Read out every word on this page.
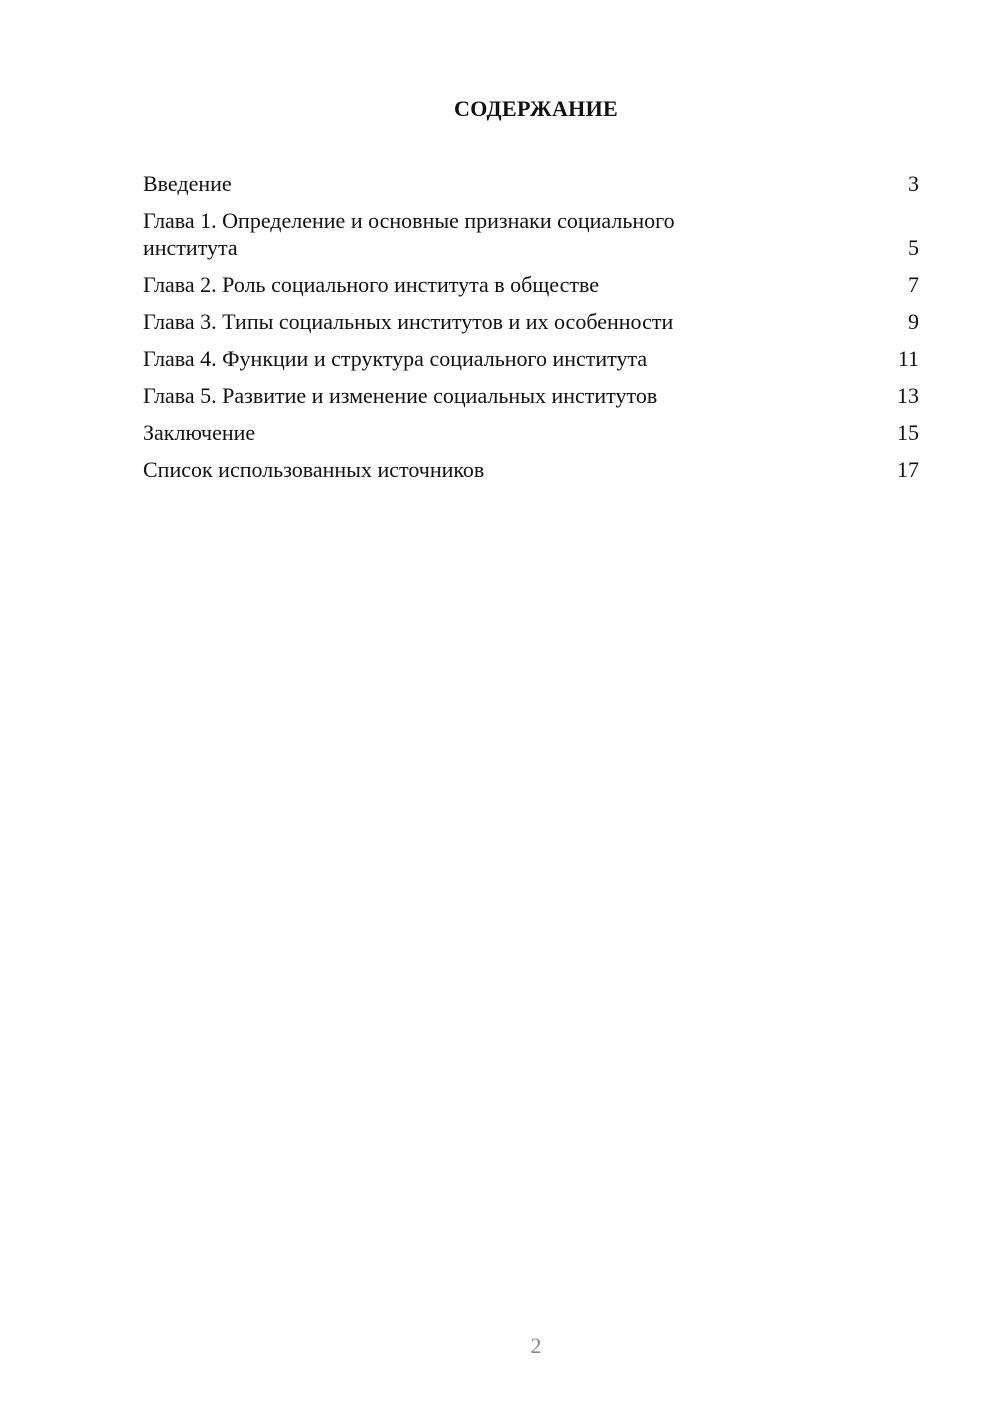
СОДЕРЖАНИЕ
Введение	3
Глава 1. Определение и основные признаки социального института	5
Глава 2. Роль социального института в обществе	7
Глава 3. Типы социальных институтов и их особенности	9
Глава 4. Функции и структура социального института	11
Глава 5. Развитие и изменение социальных институтов	13
Заключение	15
Список использованных источников	17
2
